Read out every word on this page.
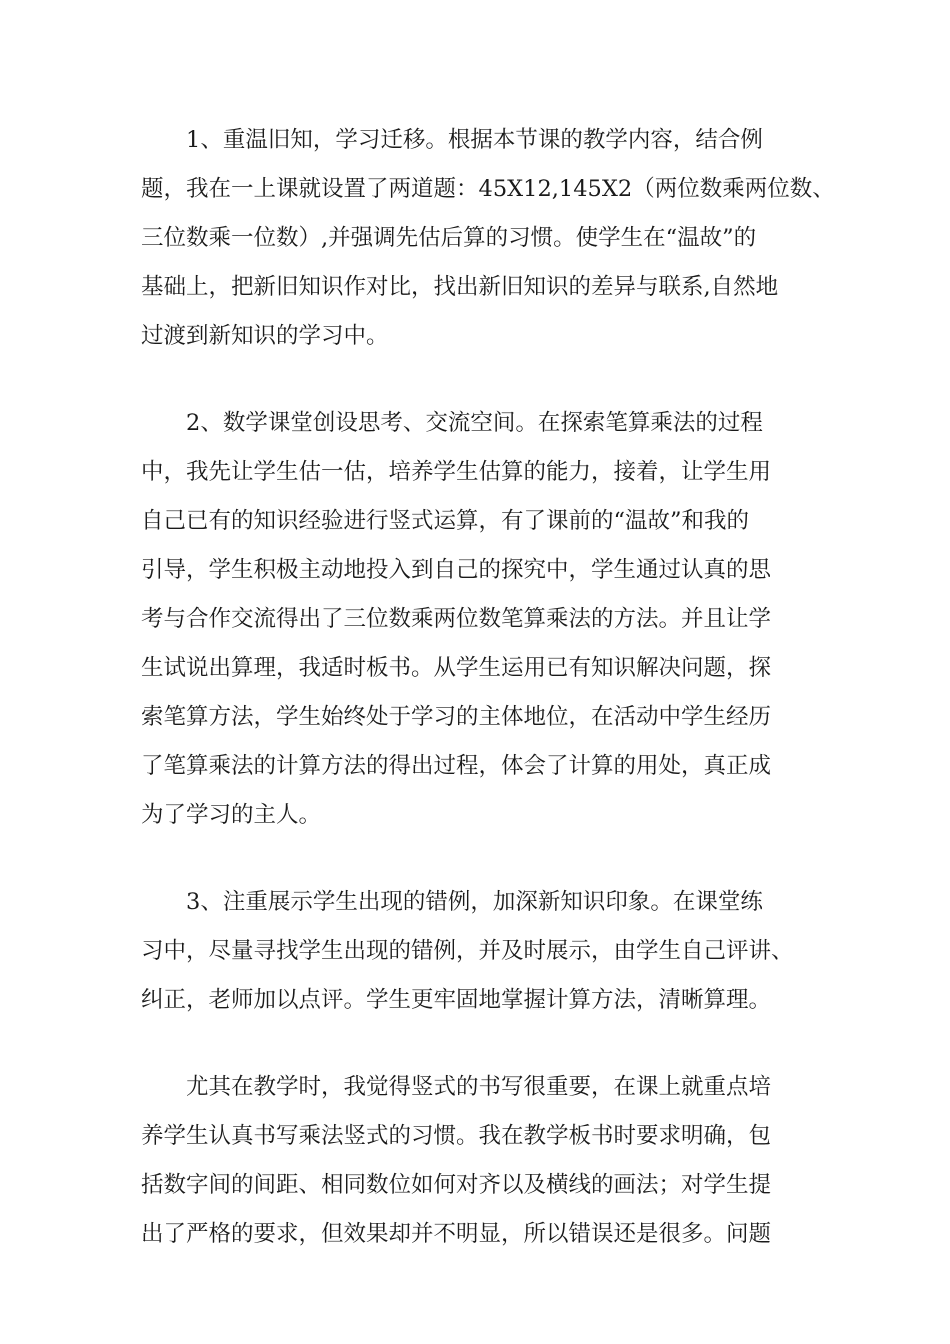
1、重温旧知，学习迁移。根据本节课的教学内容，结合例
题，我在一上课就设置了两道题：45X12,145X2（两位数乘两位数、
三位数乘一位数）,并强调先估后算的习惯。使学生在“温故”的
基础上，把新旧知识作对比，找出新旧知识的差异与联系,自然地
过渡到新知识的学习中。
2、数学课堂创设思考、交流空间。在探索笔算乘法的过程
中，我先让学生估一估，培养学生估算的能力，接着，让学生用
自己已有的知识经验进行竖式运算，有了课前的“温故”和我的
引导，学生积极主动地投入到自己的探究中，学生通过认真的思
考与合作交流得出了三位数乘两位数笔算乘法的方法。并且让学
生试说出算理，我适时板书。从学生运用已有知识解决问题，探
索笔算方法，学生始终处于学习的主体地位，在活动中学生经历
了笔算乘法的计算方法的得出过程，体会了计算的用处，真正成
为了学习的主人。
3、注重展示学生出现的错例，加深新知识印象。在课堂练
习中，尽量寻找学生出现的错例，并及时展示，由学生自己评讲、
纠正，老师加以点评。学生更牢固地掌握计算方法，清晰算理。
尤其在教学时，我觉得竖式的书写很重要，在课上就重点培
养学生认真书写乘法竖式的习惯。我在教学板书时要求明确，包
括数字间的间距、相同数位如何对齐以及横线的画法；对学生提
出了严格的要求，但效果却并不明显，所以错误还是很多。问题
